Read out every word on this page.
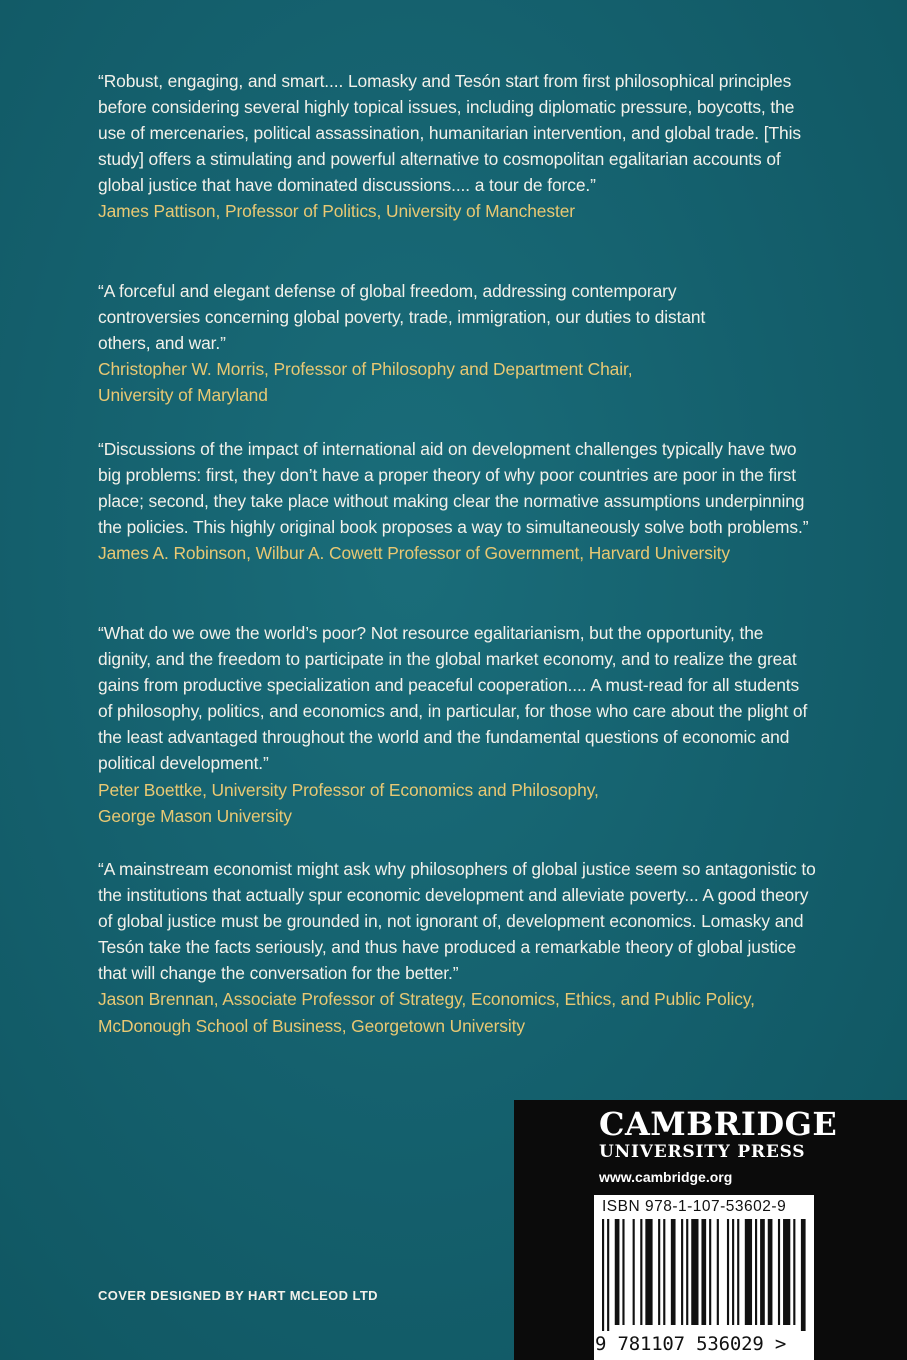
“Robust, engaging, and smart.... Lomasky and Tesón start from first philosophical principles before considering several highly topical issues, including diplomatic pressure, boycotts, the use of mercenaries, political assassination, humanitarian intervention, and global trade. [This study] offers a stimulating and powerful alternative to cosmopolitan egalitarian accounts of global justice that have dominated discussions.... a tour de force.”

James Pattison, Professor of Politics, University of Manchester

“A forceful and elegant defense of global freedom, addressing contemporary controversies concerning global poverty, trade, immigration, our duties to distant others, and war.”

Christopher W. Morris, Professor of Philosophy and Department Chair, University of Maryland

“Discussions of the impact of international aid on development challenges typically have two big problems: first, they don’t have a proper theory of why poor countries are poor in the first place; second, they take place without making clear the normative assumptions underpinning the policies. This highly original book proposes a way to simultaneously solve both problems.”

James A. Robinson, Wilbur A. Cowett Professor of Government, Harvard University

“What do we owe the world’s poor? Not resource egalitarianism, but the opportunity, the dignity, and the freedom to participate in the global market economy, and to realize the great gains from productive specialization and peaceful cooperation.... A must-read for all students of philosophy, politics, and economics and, in particular, for those who care about the plight of the least advantaged throughout the world and the fundamental questions of economic and political development.”

Peter Boettke, University Professor of Economics and Philosophy, George Mason University

“A mainstream economist might ask why philosophers of global justice seem so antagonistic to the institutions that actually spur economic development and alleviate poverty... A good theory of global justice must be grounded in, not ignorant of, development economics. Lomasky and Tesón take the facts seriously, and thus have produced a remarkable theory of global justice that will change the conversation for the better.”

Jason Brennan, Associate Professor of Strategy, Economics, Ethics, and Public Policy, McDonough School of Business, Georgetown University

COVER DESIGNED BY HART MCLEOD LTD
CAMBRIDGE
UNIVERSITY PRESS
www.cambridge.org
ISBN 978-1-107-53602-9
9 781107 536029 >
